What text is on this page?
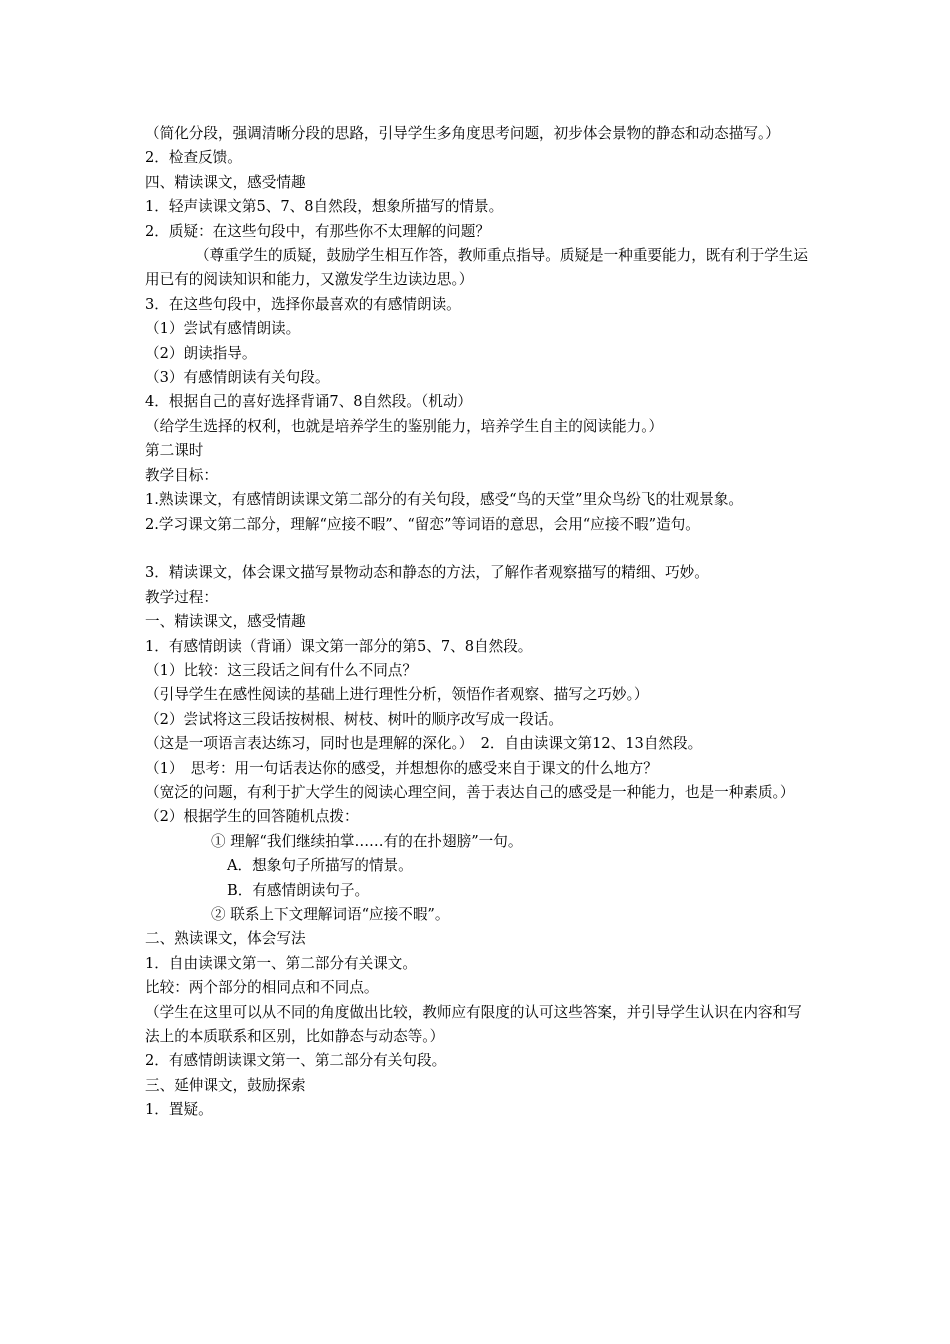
（简化分段，强调清晰分段的思路，引导学生多角度思考问题，初步体会景物的静态和动态描写。）
2．检查反馈。
四、精读课文，感受情趣
1．轻声读课文第5、7、8自然段，想象所描写的情景。
2．质疑：在这些句段中，有那些你不太理解的问题？
（尊重学生的质疑，鼓励学生相互作答，教师重点指导。质疑是一种重要能力，既有利于学生运用已有的阅读知识和能力，又激发学生边读边思。）
3．在这些句段中，选择你最喜欢的有感情朗读。
（1）尝试有感情朗读。
（2）朗读指导。
（3）有感情朗读有关句段。
4．根据自己的喜好选择背诵7、8自然段。（机动）
（给学生选择的权利，也就是培养学生的鉴别能力，培养学生自主的阅读能力。）
第二课时
教学目标：
1.熟读课文，有感情朗读课文第二部分的有关句段，感受“鸟的天堂”里众鸟纷飞的壮观景象。
2.学习课文第二部分，理解“应接不暇”、“留恋”等词语的意思，会用“应接不暇”造句。
3．精读课文，体会课文描写景物动态和静态的方法，了解作者观察描写的精细、巧妙。
教学过程：
一、精读课文，感受情趣
1．有感情朗读（背诵）课文第一部分的第5、7、8自然段。
（1）比较：这三段话之间有什么不同点？
（引导学生在感性阅读的基础上进行理性分析，领悟作者观察、描写之巧妙。）
（2）尝试将这三段话按树根、树枝、树叶的顺序改写成一段话。
（这是一项语言表达练习，同时也是理解的深化。）　2．自由读课文第12、13自然段。
（1）　思考：用一句话表达你的感受，并想想你的感受来自于课文的什么地方？
（宽泛的问题，有利于扩大学生的阅读心理空间，善于表达自己的感受是一种能力，也是一种素质。）
（2）根据学生的回答随机点拨：
① 理解“我们继续拍掌……有的在扑翅膀”一句。
A．想象句子所描写的情景。
B．有感情朗读句子。
② 联系上下文理解词语“应接不暇”。
二、熟读课文，体会写法
1．自由读课文第一、第二部分有关课文。
比较：两个部分的相同点和不同点。
（学生在这里可以从不同的角度做出比较，教师应有限度的认可这些答案，并引导学生认识在内容和写法上的本质联系和区别，比如静态与动态等。）
2．有感情朗读课文第一、第二部分有关句段。
三、延伸课文，鼓励探索
1．置疑。
